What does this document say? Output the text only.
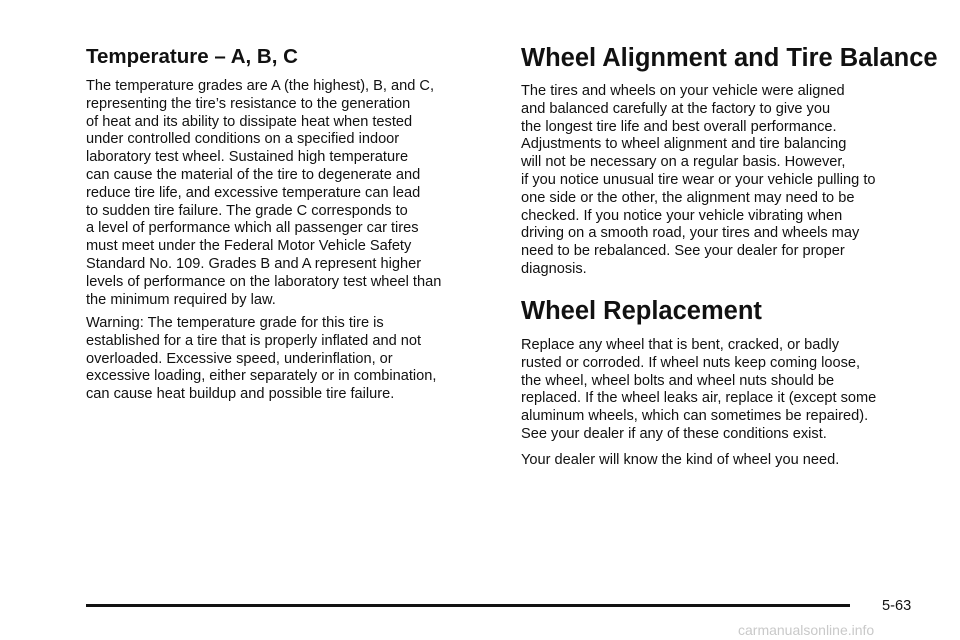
Temperature – A, B, C

The temperature grades are A (the highest), B, and C,
representing the tire’s resistance to the generation
of heat and its ability to dissipate heat when tested
under controlled conditions on a specified indoor
laboratory test wheel. Sustained high temperature
can cause the material of the tire to degenerate and
reduce tire life, and excessive temperature can lead
to sudden tire failure. The grade C corresponds to
a level of performance which all passenger car tires
must meet under the Federal Motor Vehicle Safety
Standard No. 109. Grades B and A represent higher
levels of performance on the laboratory test wheel than
the minimum required by law.

Warning: The temperature grade for this tire is
established for a tire that is properly inflated and not
overloaded. Excessive speed, underinflation, or
excessive loading, either separately or in combination,
can cause heat buildup and possible tire failure.

Wheel Alignment and Tire Balance

The tires and wheels on your vehicle were aligned
and balanced carefully at the factory to give you
the longest tire life and best overall performance.
Adjustments to wheel alignment and tire balancing
will not be necessary on a regular basis. However,
if you notice unusual tire wear or your vehicle pulling to
one side or the other, the alignment may need to be
checked. If you notice your vehicle vibrating when
driving on a smooth road, your tires and wheels may
need to be rebalanced. See your dealer for proper
diagnosis.

Wheel Replacement

Replace any wheel that is bent, cracked, or badly
rusted or corroded. If wheel nuts keep coming loose,
the wheel, wheel bolts and wheel nuts should be
replaced. If the wheel leaks air, replace it (except some
aluminum wheels, which can sometimes be repaired).
See your dealer if any of these conditions exist.

Your dealer will know the kind of wheel you need.

5-63
carmanualsonline.info
